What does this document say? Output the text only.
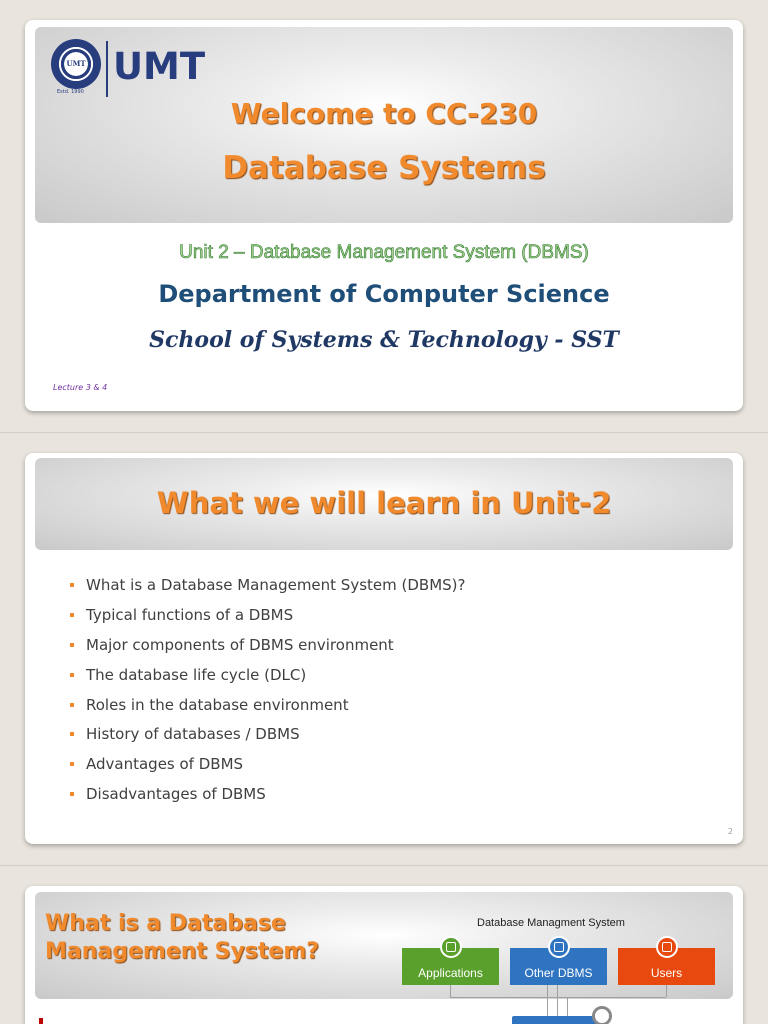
UMT
Estd. 1990
UMT
Welcome to CC-230
Database Systems
Unit 2 – Database Management System (DBMS)
Department of Computer Science
School of Systems & Technology - SST
Lecture 3 & 4
What we will learn in Unit-2
What is a Database Management System (DBMS)?
Typical functions of a DBMS
Major components of DBMS environment
The database life cycle (DLC)
Roles in the database environment
History of databases / DBMS
Advantages of DBMS
Disadvantages of DBMS
2
What is a Database Management System?
Database Managment System
Applications	Other DBMS	Users
